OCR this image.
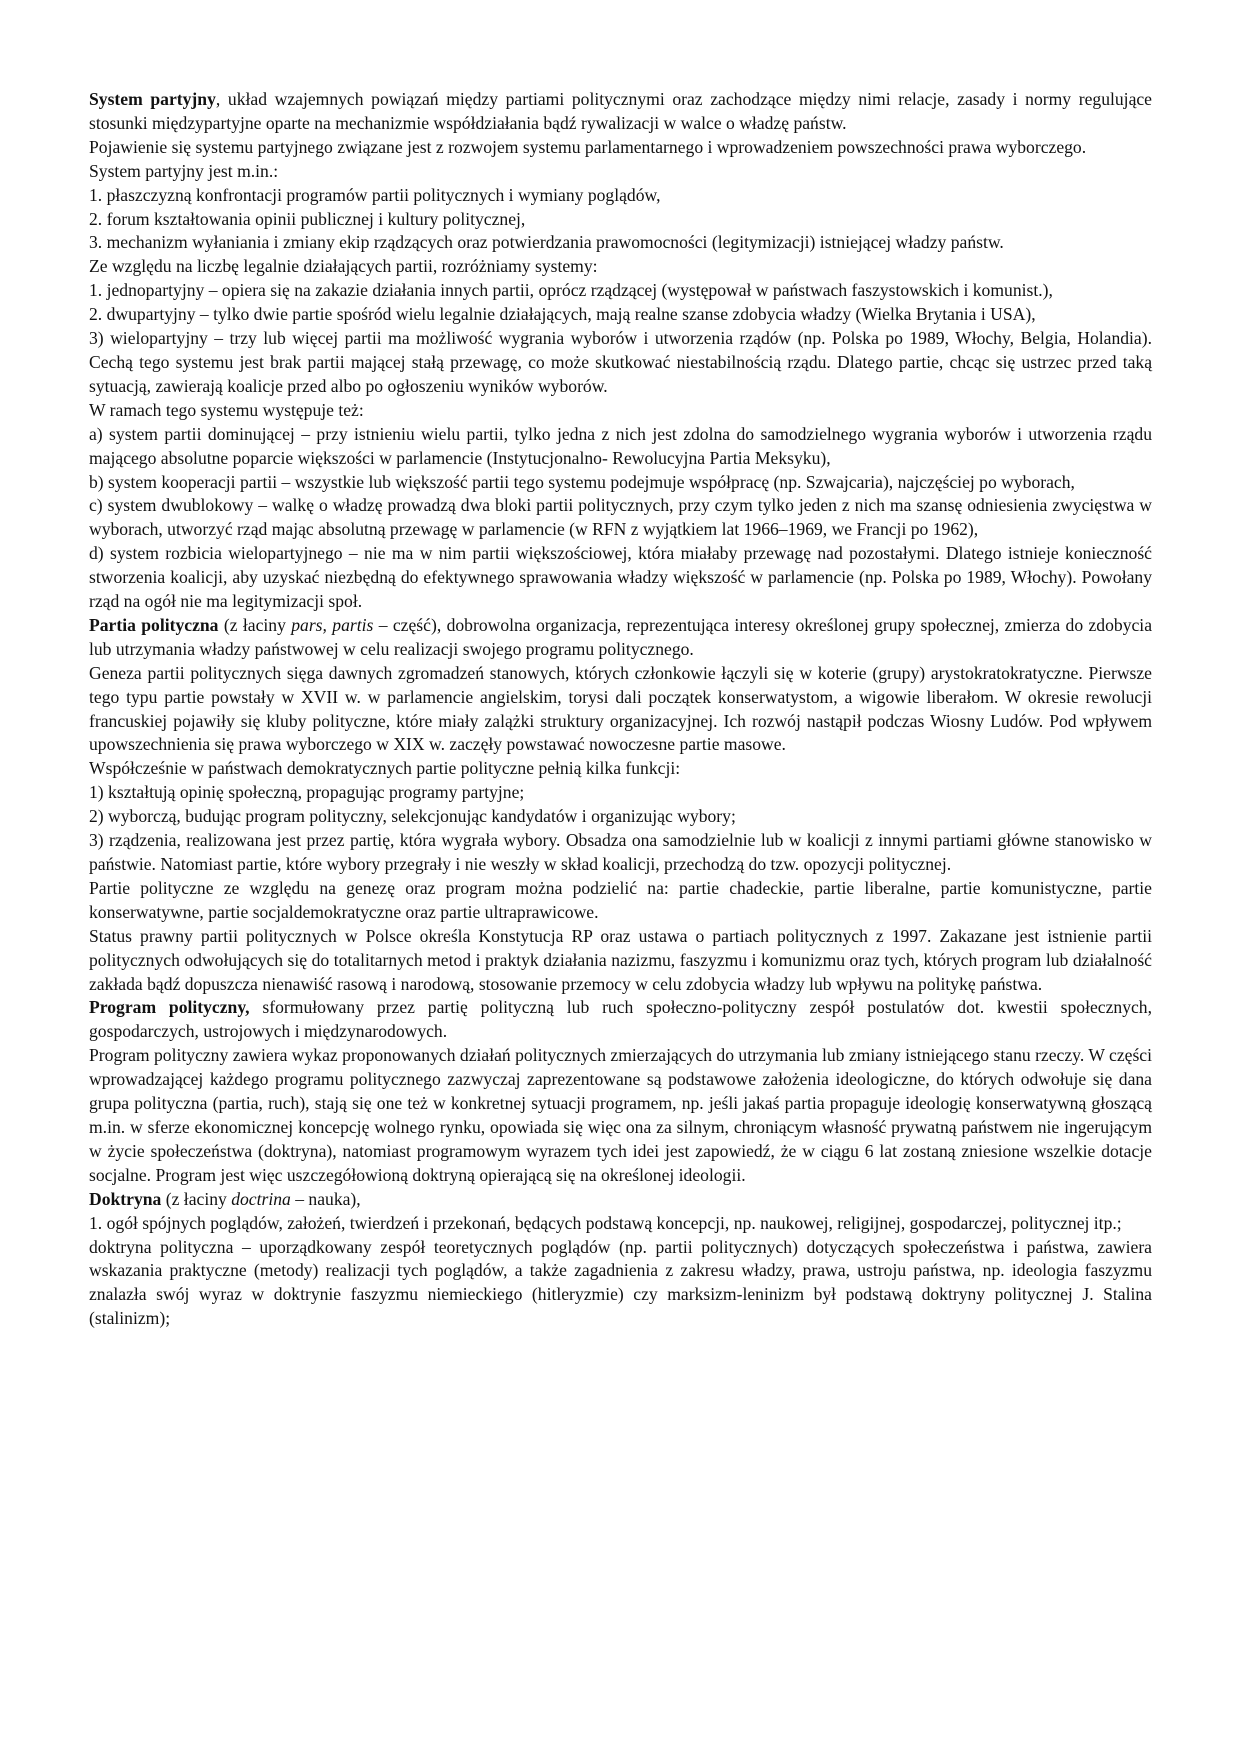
System partyjny, układ wzajemnych powiązań między partiami politycznymi oraz zachodzące między nimi relacje, zasady i normy regulujące stosunki międzypartyjne oparte na mechanizmie współdziałania bądź rywalizacji w walce o władzę państw.

Pojawienie się systemu partyjnego związane jest z rozwojem systemu parlamentarnego i wprowadzeniem powszechności prawa wyborczego.

System partyjny jest m.in.:

1. płaszczyzną konfrontacji programów partii politycznych i wymiany poglądów,

2. forum kształtowania opinii publicznej i kultury politycznej,

3. mechanizm wyłaniania i zmiany ekip rządzących oraz potwierdzania prawomocności (legitymizacji) istniejącej władzy państw.

Ze względu na liczbę legalnie działających partii, rozróżniamy systemy:

1. jednopartyjny – opiera się na zakazie działania innych partii, oprócz rządzącej (występował w państwach faszystowskich i komunist.),

2. dwupartyjny – tylko dwie partie spośród wielu legalnie działających, mają realne szanse zdobycia władzy (Wielka Brytania i USA),

3) wielopartyjny – trzy lub więcej partii ma możliwość wygrania wyborów i utworzenia rządów (np. Polska po 1989, Włochy, Belgia, Holandia). Cechą tego systemu jest brak partii mającej stałą przewagę, co może skutkować niestabilnością rządu. Dlatego partie, chcąc się ustrzec przed taką sytuacją, zawierają koalicje przed albo po ogłoszeniu wyników wyborów.

W ramach tego systemu występuje też:

a) system partii dominującej – przy istnieniu wielu partii, tylko jedna z nich jest zdolna do samodzielnego wygrania wyborów i utworzenia rządu mającego absolutne poparcie większości w parlamencie (Instytucjonalno- Rewolucyjna Partia Meksyku),

b) system kooperacji partii – wszystkie lub większość partii tego systemu podejmuje współpracę (np. Szwajcaria), najczęściej po wyborach,

c) system dwublokowy – walkę o władzę prowadzą dwa bloki partii politycznych, przy czym tylko jeden z nich ma szansę odniesienia zwycięstwa w wyborach, utworzyć rząd mając absolutną przewagę w parlamencie (w RFN z wyjątkiem lat 1966–1969, we Francji po 1962),

d) system rozbicia wielopartyjnego – nie ma w nim partii większościowej, która miałaby przewagę nad pozostałymi. Dlatego istnieje konieczność stworzenia koalicji, aby uzyskać niezbędną do efektywnego sprawowania władzy większość w parlamencie (np. Polska po 1989, Włochy). Powołany rząd na ogół nie ma legitymizacji społ.

Partia polityczna (z łaciny pars, partis – część), dobrowolna organizacja, reprezentująca interesy określonej grupy społecznej, zmierza do zdobycia lub utrzymania władzy państwowej w celu realizacji swojego programu politycznego.

Geneza partii politycznych sięga dawnych zgromadzeń stanowych, których członkowie łączyli się w koterie (grupy) arystokratokratyczne. Pierwsze tego typu partie powstały w XVII w. w parlamencie angielskim, torysi dali początek konserwatystom, a wigowie liberałom. W okresie rewolucji francuskiej pojawiły się kluby polityczne, które miały zalążki struktury organizacyjnej. Ich rozwój nastąpił podczas Wiosny Ludów. Pod wpływem upowszechnienia się prawa wyborczego w XIX w. zaczęły powstawać nowoczesne partie masowe.

Współcześnie w państwach demokratycznych partie polityczne pełnią kilka funkcji:

1) kształtują opinię społeczną, propagując programy partyjne;

2) wyborczą, budując program polityczny, selekcjonując kandydatów i organizując wybory;

3) rządzenia, realizowana jest przez partię, która wygrała wybory. Obsadza ona samodzielnie lub w koalicji z innymi partiami główne stanowisko w państwie. Natomiast partie, które wybory przegrały i nie weszły w skład koalicji, przechodzą do tzw. opozycji politycznej.

Partie polityczne ze względu na genezę oraz program można podzielić na: partie chadeckie, partie liberalne, partie komunistyczne, partie konserwatywne, partie socjaldemokratyczne oraz partie ultraprawicowe.

Status prawny partii politycznych w Polsce określa Konstytucja RP oraz ustawa o partiach politycznych z 1997. Zakazane jest istnienie partii politycznych odwołujących się do totalitarnych metod i praktyk działania nazizmu, faszyzmu i komunizmu oraz tych, których program lub działalność zakłada bądź dopuszcza nienawiść rasową i narodową, stosowanie przemocy w celu zdobycia władzy lub wpływu na politykę państwa.

Program polityczny, sformułowany przez partię polityczną lub ruch społeczno-polityczny zespół postulatów dot. kwestii społecznych, gospodarczych, ustrojowych i międzynarodowych.

Program polityczny zawiera wykaz proponowanych działań politycznych zmierzających do utrzymania lub zmiany istniejącego stanu rzeczy. W części wprowadzającej każdego programu politycznego zazwyczaj zaprezentowane są podstawowe założenia ideologiczne, do których odwołuje się dana grupa polityczna (partia, ruch), stają się one też w konkretnej sytuacji programem, np. jeśli jakaś partia propaguje ideologię konserwatywną głoszącą m.in. w sferze ekonomicznej koncepcję wolnego rynku, opowiada się więc ona za silnym, chroniącym własność prywatną państwem nie ingerującym w życie społeczeństwa (doktryna), natomiast programowym wyrazem tych idei jest zapowiedź, że w ciągu 6 lat zostaną zniesione wszelkie dotacje socjalne. Program jest więc uszczegółowioną doktryną opierającą się na określonej ideologii.

Doktryna (z łaciny doctrina – nauka),

1. ogół spójnych poglądów, założeń, twierdzeń i przekonań, będących podstawą koncepcji, np. naukowej, religijnej, gospodarczej, politycznej itp.;

doktryna polityczna – uporządkowany zespół teoretycznych poglądów (np. partii politycznych) dotyczących społeczeństwa i państwa, zawiera wskazania praktyczne (metody) realizacji tych poglądów, a także zagadnienia z zakresu władzy, prawa, ustroju państwa, np. ideologia faszyzmu znalazła swój wyraz w doktrynie faszyzmu niemieckiego (hitleryzmie) czy marksizm-leninizm był podstawą doktryny politycznej J. Stalina (stalinizm);
